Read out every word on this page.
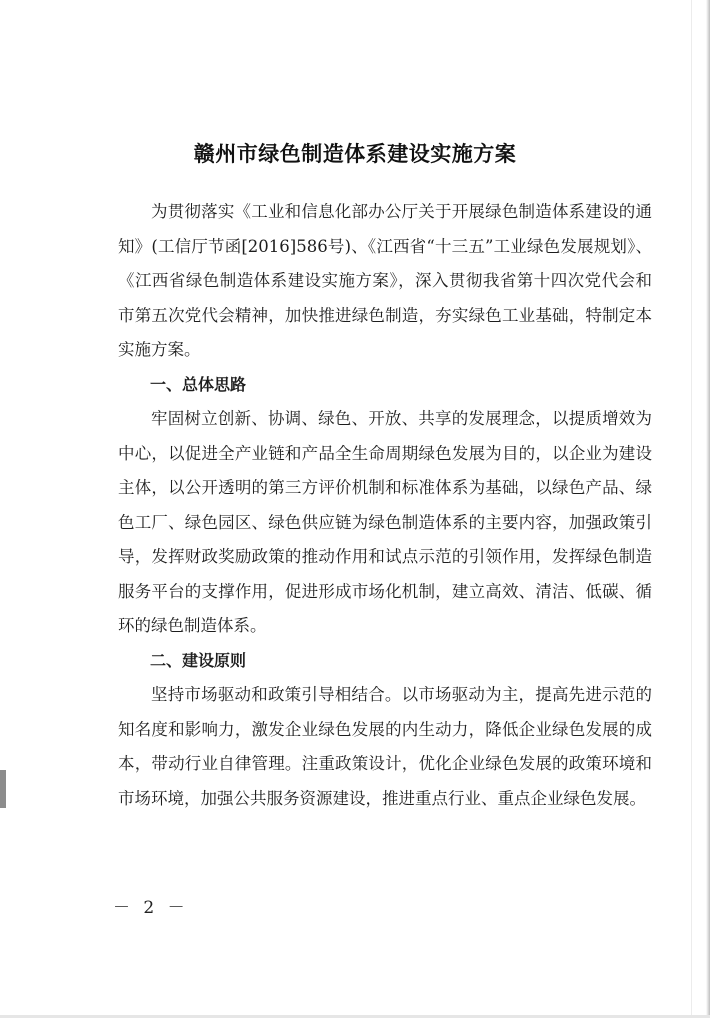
赣州市绿色制造体系建设实施方案

为贯彻落实《工业和信息化部办公厅关于开展绿色制造体系建设的通知》(工信厅节函[2016]586号)、《江西省“十三五”工业绿色发展规划》、《江西省绿色制造体系建设实施方案》，深入贯彻我省第十四次党代会和市第五次党代会精神，加快推进绿色制造，夯实绿色工业基础，特制定本实施方案。

一、总体思路

牢固树立创新、协调、绿色、开放、共享的发展理念，以提质增效为中心，以促进全产业链和产品全生命周期绿色发展为目的，以企业为建设主体，以公开透明的第三方评价机制和标准体系为基础，以绿色产品、绿色工厂、绿色园区、绿色供应链为绿色制造体系的主要内容，加强政策引导，发挥财政奖励政策的推动作用和试点示范的引领作用，发挥绿色制造服务平台的支撑作用，促进形成市场化机制，建立高效、清洁、低碳、循环的绿色制造体系。

二、建设原则

坚持市场驱动和政策引导相结合。以市场驱动为主，提高先进示范的知名度和影响力，激发企业绿色发展的内生动力，降低企业绿色发展的成本，带动行业自律管理。注重政策设计，优化企业绿色发展的政策环境和市场环境，加强公共服务资源建设，推进重点行业、重点企业绿色发展。

－ 2 －
